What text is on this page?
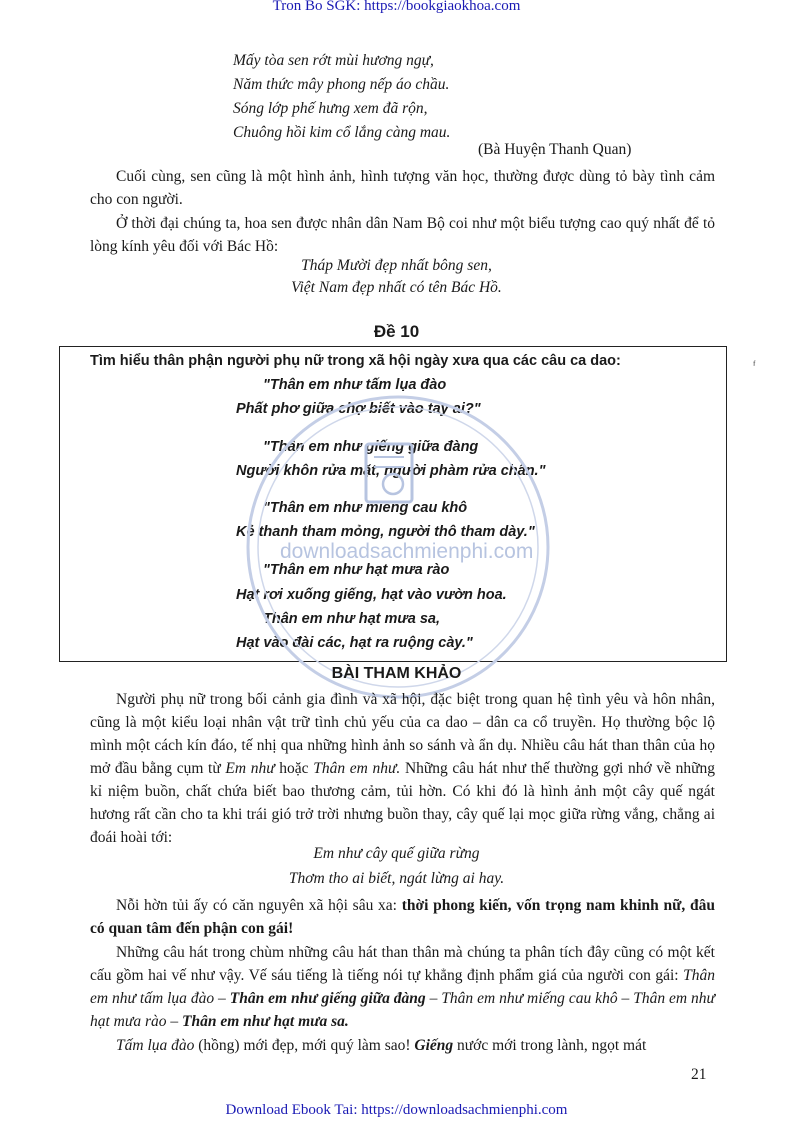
Tron Bo SGK: https://bookgiaokhoa.com
Mấy tòa sen rớt mùi hương ngự,
Năm thức mây phong nếp áo chầu.
Sóng lớp phế hưng xem đã rộn,
Chuông hồi kim cổ lắng càng mau.
(Bà Huyện Thanh Quan)

Cuối cùng, sen cũng là một hình ảnh, hình tượng văn học, thường được dùng tỏ bày tình cảm cho con người.

Ở thời đại chúng ta, hoa sen được nhân dân Nam Bộ coi như một biểu tượng cao quý nhất để tỏ lòng kính yêu đối với Bác Hồ:

Tháp Mười đẹp nhất bông sen,
Việt Nam đẹp nhất có tên Bác Hồ.
Đề 10
Tìm hiểu thân phận người phụ nữ trong xã hội ngày xưa qua các câu ca dao:	ᶠ
"Thân em như tấm lụa đào
Phất phơ giữa chợ biết vào tay ai?"
"Thân em như giếng giữa đàng
Người khôn rửa mặt, người phàm rửa chân."
"Thân em như miếng cau khô
Kẻ thanh tham mỏng, người thô tham dày."
"Thân em như hạt mưa rào
Hạt rơi xuống giếng, hạt vào vườn hoa.
Thân em như hạt mưa sa,
Hạt vào đài các, hạt ra ruộng cày."
downloadsachmienphi.com
BÀI THAM KHẢO

Người phụ nữ trong bối cảnh gia đình và xã hội, đặc biệt trong quan hệ tình yêu và hôn nhân, cũng là một kiểu loại nhân vật trữ tình chủ yếu của ca dao – dân ca cổ truyền. Họ thường bộc lộ mình một cách kín đáo, tế nhị qua những hình ảnh so sánh và ẩn dụ. Nhiều câu hát than thân của họ mở đầu bằng cụm từ Em như hoặc Thân em như. Những câu hát như thế thường gợi nhớ về những kỉ niệm buồn, chất chứa biết bao thương cảm, tủi hờn. Có khi đó là hình ảnh một cây quế ngát hương rất cần cho ta khi trái gió trở trời nhưng buồn thay, cây quế lại mọc giữa rừng vắng, chẳng ai đoái hoài tới:

Em như cây quế giữa rừng
Thơm tho ai biết, ngát lừng ai hay.

Nỗi hờn tủi ấy có căn nguyên xã hội sâu xa: thời phong kiến, vốn trọng nam khinh nữ, đâu có quan tâm đến phận con gái!

Những câu hát trong chùm những câu hát than thân mà chúng ta phân tích đây cũng có một kết cấu gồm hai vế như vậy. Vế sáu tiếng là tiếng nói tự khẳng định phẩm giá của người con gái: Thân em như tấm lụa đào – Thân em như giếng giữa đàng – Thân em như miếng cau khô – Thân em như hạt mưa rào – Thân em như hạt mưa sa.

Tấm lụa đào (hồng) mới đẹp, mới quý làm sao! Giếng nước mới trong lành, ngọt mát

21
Download Ebook Tai: https://downloadsachmienphi.com
